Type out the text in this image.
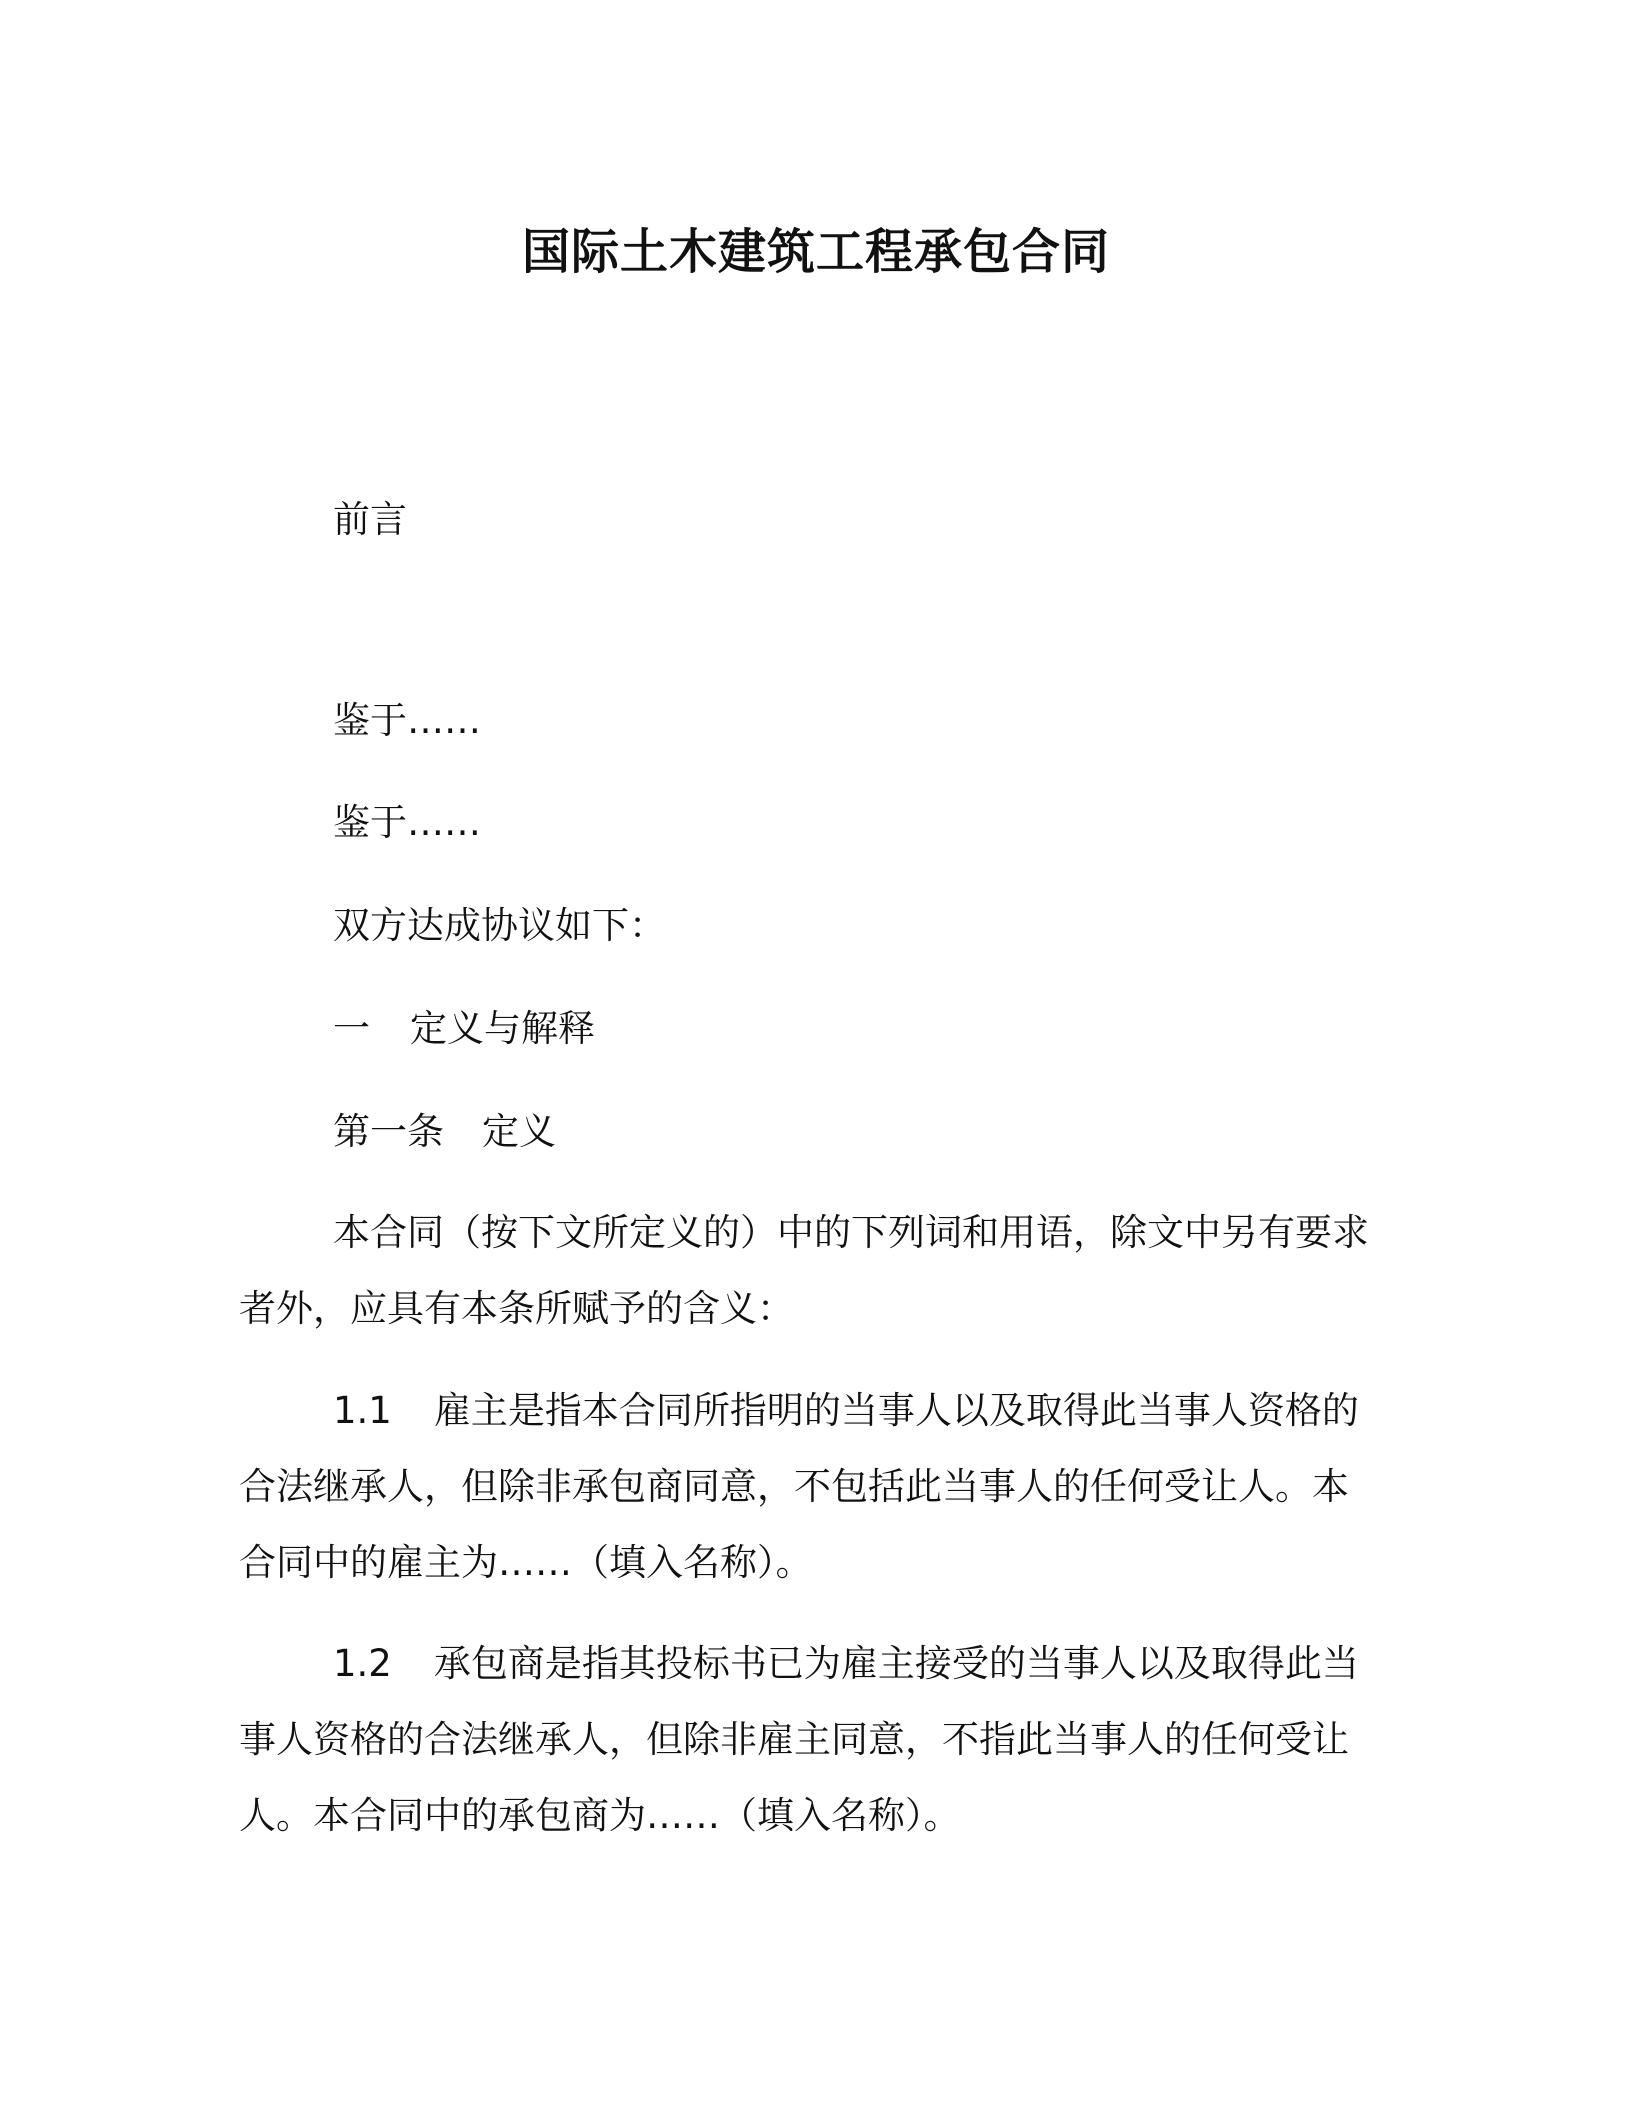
国际土木建筑工程承包合同

前言

鉴于……

鉴于……

双方达成协议如下：

一 定义与解释

第一条 定义

本合同（按下文所定义的）中的下列词和用语，除文中另有要求
者外，应具有本条所赋予的含义：
1.1 雇主是指本合同所指明的当事人以及取得此当事人资格的
合法继承人，但除非承包商同意，不包括此当事人的任何受让人。本
合同中的雇主为……（填入名称）。
1.2 承包商是指其投标书已为雇主接受的当事人以及取得此当
事人资格的合法继承人，但除非雇主同意，不指此当事人的任何受让
人。本合同中的承包商为……（填入名称）。
